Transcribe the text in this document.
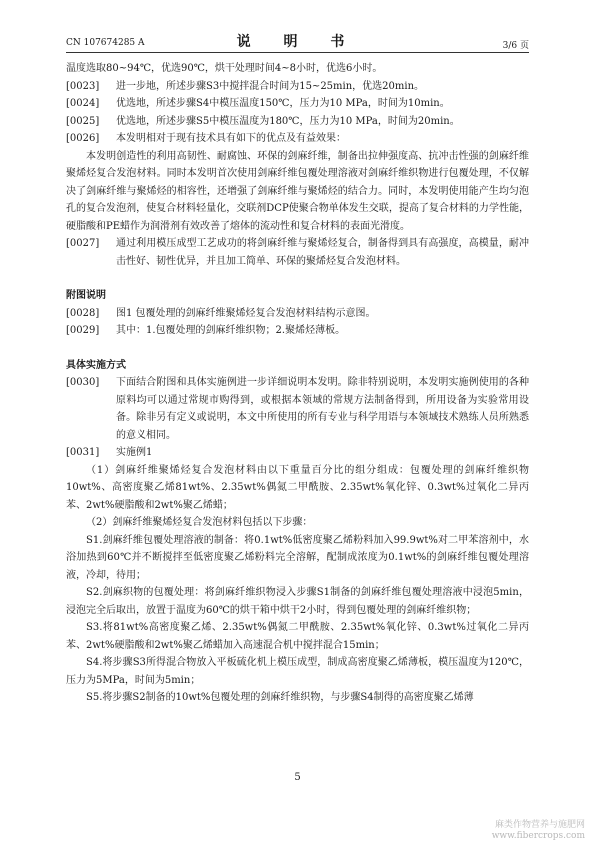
CN 107674285 A	说 明 书	3/6 页

温度选取80~94℃，优选90℃，烘干处理时间4~8小时，优选6小时。

[0023]	进一步地，所述步骤S3中搅拌混合时间为15~25min，优选20min。

[0024]	优选地，所述步骤S4中模压温度150℃，压力为10 MPa，时间为10min。

[0025]	优选地，所述步骤S5中模压温度为180℃，压力为10 MPa，时间为20min。

[0026]	本发明相对于现有技术具有如下的优点及有益效果：

本发明创造性的利用高韧性、耐腐蚀、环保的剑麻纤维，制备出拉伸强度高、抗冲击性强的剑麻纤维聚烯烃复合发泡材料。同时本发明首次使用剑麻纤维包覆处理溶液对剑麻纤维织物进行包覆处理，不仅解决了剑麻纤维与聚烯烃的相容性，还增强了剑麻纤维与聚烯烃的结合力。同时，本发明使用能产生均匀泡孔的复合发泡剂，使复合材料轻量化，交联剂DCP使聚合物单体发生交联，提高了复合材料的力学性能，硬脂酸和PE蜡作为润滑剂有效改善了熔体的流动性和复合材料的表面光滑度。

[0027]	通过利用模压成型工艺成功的将剑麻纤维与聚烯烃复合，制备得到具有高强度，高模量，耐冲击性好、韧性优异，并且加工简单、环保的聚烯烃复合发泡材料。

附图说明

[0028]	图1 包覆处理的剑麻纤维聚烯烃复合发泡材料结构示意图。

[0029]	其中：1.包覆处理的剑麻纤维织物；2.聚烯烃薄板。

具体实施方式

[0030]	下面结合附图和具体实施例进一步详细说明本发明。除非特别说明，本发明实施例使用的各种原料均可以通过常规市购得到，或根据本领域的常规方法制备得到，所用设备为实验常用设备。除非另有定义或说明，本文中所使用的所有专业与科学用语与本领域技术熟练人员所熟悉的意义相同。

[0031]	实施例1

（1）剑麻纤维聚烯烃复合发泡材料由以下重量百分比的组分组成：包覆处理的剑麻纤维织物10wt%、高密度聚乙烯81wt%、2.35wt%偶氮二甲酰胺、2.35wt%氧化锌、0.3wt%过氧化二异丙苯、2wt%硬脂酸和2wt%聚乙烯蜡；

（2）剑麻纤维聚烯烃复合发泡材料包括以下步骤：

S1.剑麻纤维包覆处理溶液的制备：将0.1wt%低密度聚乙烯粉料加入99.9wt%对二甲苯溶剂中，水浴加热到60℃并不断搅拌至低密度聚乙烯粉料完全溶解，配制成浓度为0.1wt%的剑麻纤维包覆处理溶液，冷却，待用；

S2.剑麻织物的包覆处理：将剑麻纤维织物浸入步骤S1制备的剑麻纤维包覆处理溶液中浸泡5min，浸泡完全后取出，放置于温度为60℃的烘干箱中烘干2小时，得到包覆处理的剑麻纤维织物；

S3.将81wt%高密度聚乙烯、2.35wt%偶氮二甲酰胺、2.35wt%氧化锌、0.3wt%过氧化二异丙苯、2wt%硬脂酸和2wt%聚乙烯蜡加入高速混合机中搅拌混合15min；

S4.将步骤S3所得混合物放入平板硫化机上模压成型，制成高密度聚乙烯薄板，模压温度为120℃，压力为5MPa，时间为5min；

S5.将步骤S2制备的10wt%包覆处理的剑麻纤维织物，与步骤S4制得的高密度聚乙烯薄

5
麻类作物营养与施肥网
www.fibercrops.com
